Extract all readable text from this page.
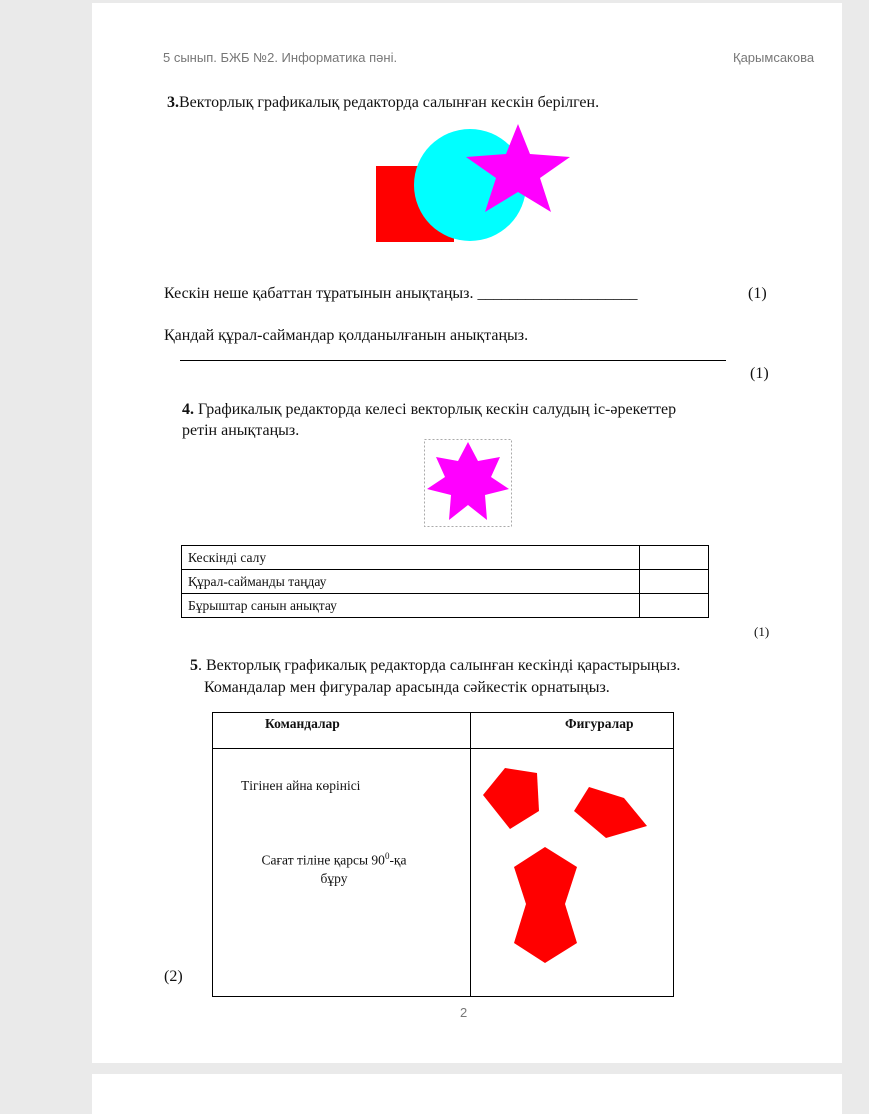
5 сынып. БЖБ №2. Информатика пәні.	Қарымсакова
3.Векторлық графикалық редакторда салынған кескін берілген.
Кескін неше қабаттан тұратынын анықтаңыз. ____________________	(1)
Қандай құрал-саймандар қолданылғанын анықтаңыз.
(1)
4. Графикалық редакторда келесі векторлық кескін салудың іс-әрекеттер
ретін анықтаңыз.
Кескінді салу	
Құрал-сайманды таңдау	
Бұрыштар санын анықтау	
(1)
5. Векторлық графикалық редакторда салынған кескінді қарастырыңыз.
Командалар мен фигуралар арасында сәйкестік орнатыңыз.
Командалар	Фигуралар
Тігінен айна көрінісі
Сағат тіліне қарсы $90^0-қа$
бұру
(2)
2
